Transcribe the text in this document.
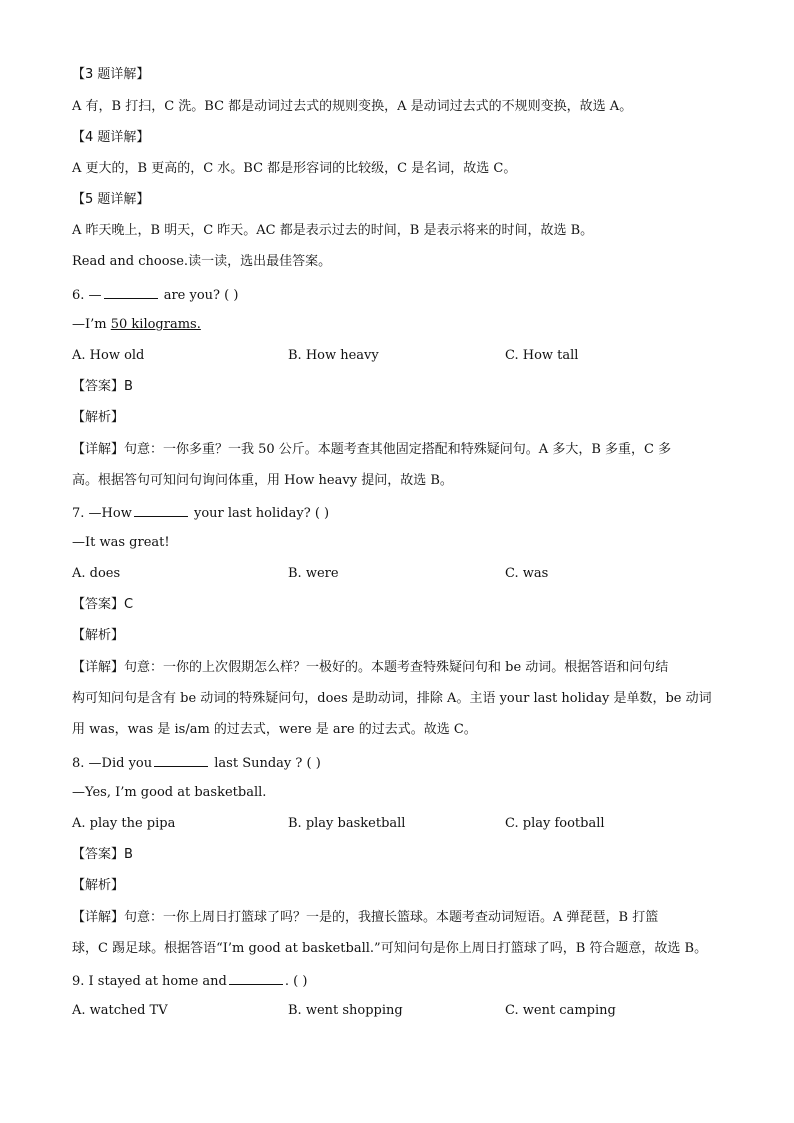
【3 题详解】
A 有，B 打扫，C 洗。BC 都是动词过去式的规则变换，A 是动词过去式的不规则变换，故选 A。
【4 题详解】
A 更大的，B 更高的，C 水。BC 都是形容词的比较级，C 是名词，故选 C。
【5 题详解】
A 昨天晚上，B 明天，C 昨天。AC 都是表示过去的时间，B 是表示将来的时间，故选 B。
Read and choose.读一读，选出最佳答案。
6. —	are you? ( )
—I’m 50 kilograms.
A. How old	B. How heavy	C. How tall
【答案】B
【解析】
【详解】句意：一你多重？一我 50 公斤。本题考查其他固定搭配和特殊疑问句。A 多大，B 多重，C 多
高。根据答句可知问句询问体重，用 How heavy 提问，故选 B。
7. —How	your last holiday? ( )
—It was great!
A. does	B. were	C. was
【答案】C
【解析】
【详解】句意：一你的上次假期怎么样？一极好的。本题考查特殊疑问句和 be 动词。根据答语和问句结
构可知问句是含有 be 动词的特殊疑问句，does 是助动词，排除 A。主语 your last holiday 是单数，be 动词
用 was，was 是 is/am 的过去式，were 是 are 的过去式。故选 C。
8. —Did you	last Sunday ? ( )
—Yes, I’m good at basketball.
A. play the pipa	B. play basketball	C. play football
【答案】B
【解析】
【详解】句意：一你上周日打篮球了吗？一是的，我擅长篮球。本题考查动词短语。A 弹琵琶，B 打篮
球，C 踢足球。根据答语“I’m good at basketball.”可知问句是你上周日打篮球了吗，B 符合题意，故选 B。
9. I stayed at home and	. ( )
A. watched TV	B. went shopping	C. went camping
